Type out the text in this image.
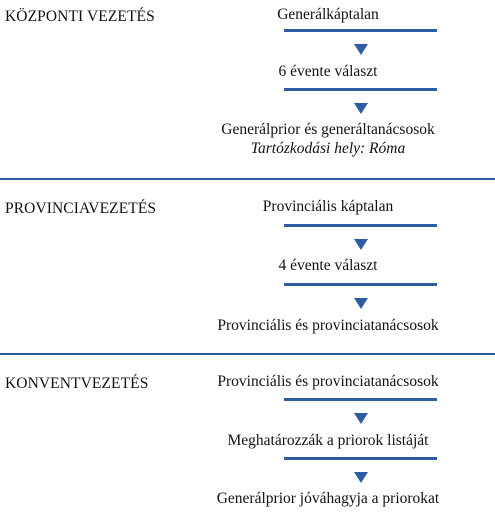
KÖZPONTI VEZETÉS	Generálkáptalan
6 évente választ
Generálprior és generáltanácsosok
Tartózkodási hely: Róma
PROVINCIAVEZETÉS	Provinciális káptalan
4 évente választ
Provinciális és provinciatanácsosok
KONVENTVEZETÉS	Provinciális és provinciatanácsosok
Meghatározzák a priorok listáját
Generálprior jóváhagyja a priorokat
